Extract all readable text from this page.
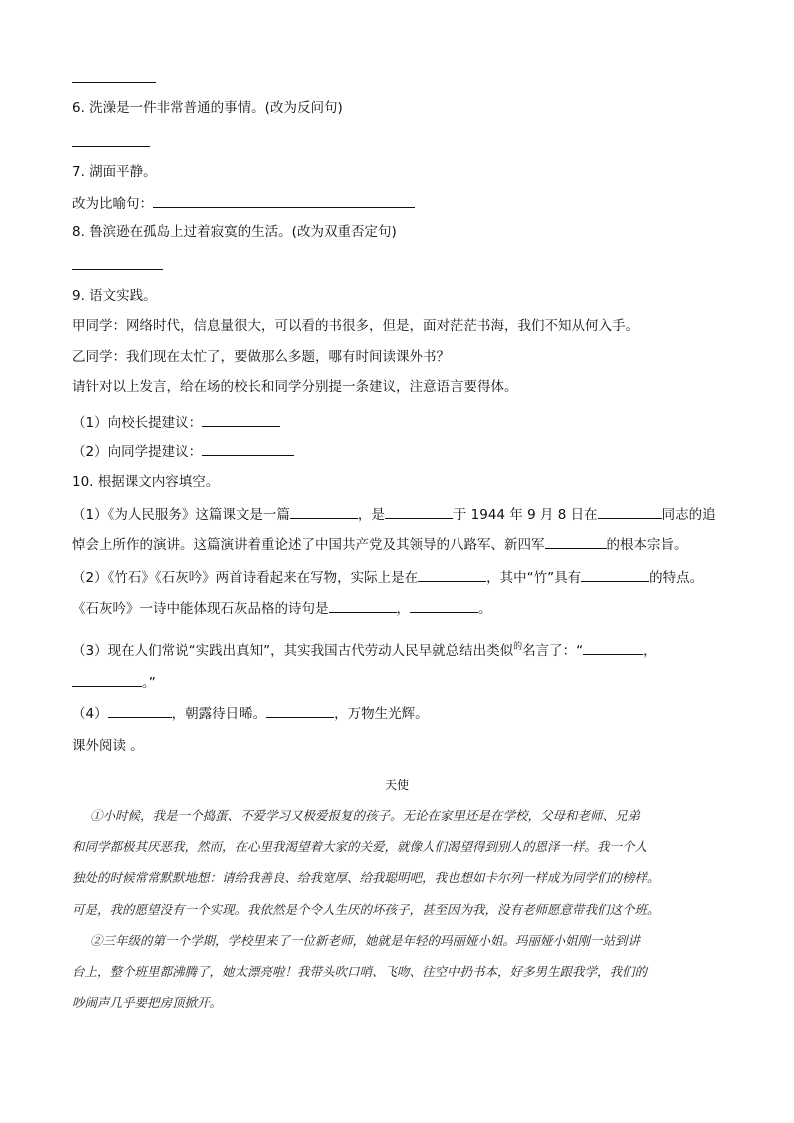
6. 洗澡是一件非常普通的事情。(改为反问句)
7. 湖面平静。
改为比喻句：
8. 鲁滨逊在孤岛上过着寂寞的生活。(改为双重否定句)
9. 语文实践。
甲同学：网络时代，信息量很大，可以看的书很多，但是，面对茫茫书海，我们不知从何入手。
乙同学：我们现在太忙了，要做那么多题，哪有时间读课外书？
请针对以上发言，给在场的校长和同学分别提一条建议，注意语言要得体。
（1）向校长提建议：
（2）向同学提建议：
10. 根据课文内容填空。
（1）《为人民服务》这篇课文是一篇	，是	于 1944 年 9 月 8 日在	同志的追
悼会上所作的演讲。这篇演讲着重论述了中国共产党及其领导的八路军、新四军	的根本宗旨。
（2）《竹石》《石灰吟》两首诗看起来在写物，实际上是在	，其中“竹”具有	的特点。
《石灰吟》一诗中能体现石灰品格的诗句是	，	。
（3）现在人们常说“实践出真知”，其实我国古代劳动人民早就总结出类似$^的$名言了：“	，
。”
（4）	，朝露待日晞。	，万物生光辉。
课外阅读 。
天使
①小时候，我是一个捣蛋、不爱学习又极爱报复的孩子。无论在家里还是在学校，父母和老师、兄弟
和同学都极其厌恶我，然而，在心里我渴望着大家的关爱，就像人们渴望得到别人的恩泽一样。我一个人
独处的时候常常默默地想：请给我善良、给我宽厚、给我聪明吧，我也想如卡尔列一样成为同学们的榜样。
可是，我的愿望没有一个实现。我依然是个令人生厌的坏孩子，甚至因为我，没有老师愿意带我们这个班。
②三年级的第一个学期，学校里来了一位新老师，她就是年轻的玛丽娅小姐。玛丽娅小姐刚一站到讲
台上，整个班里都沸腾了，她太漂亮啦！我带头吹口哨、飞吻、往空中扔书本，好多男生跟我学，我们的
吵闹声几乎要把房顶掀开。
